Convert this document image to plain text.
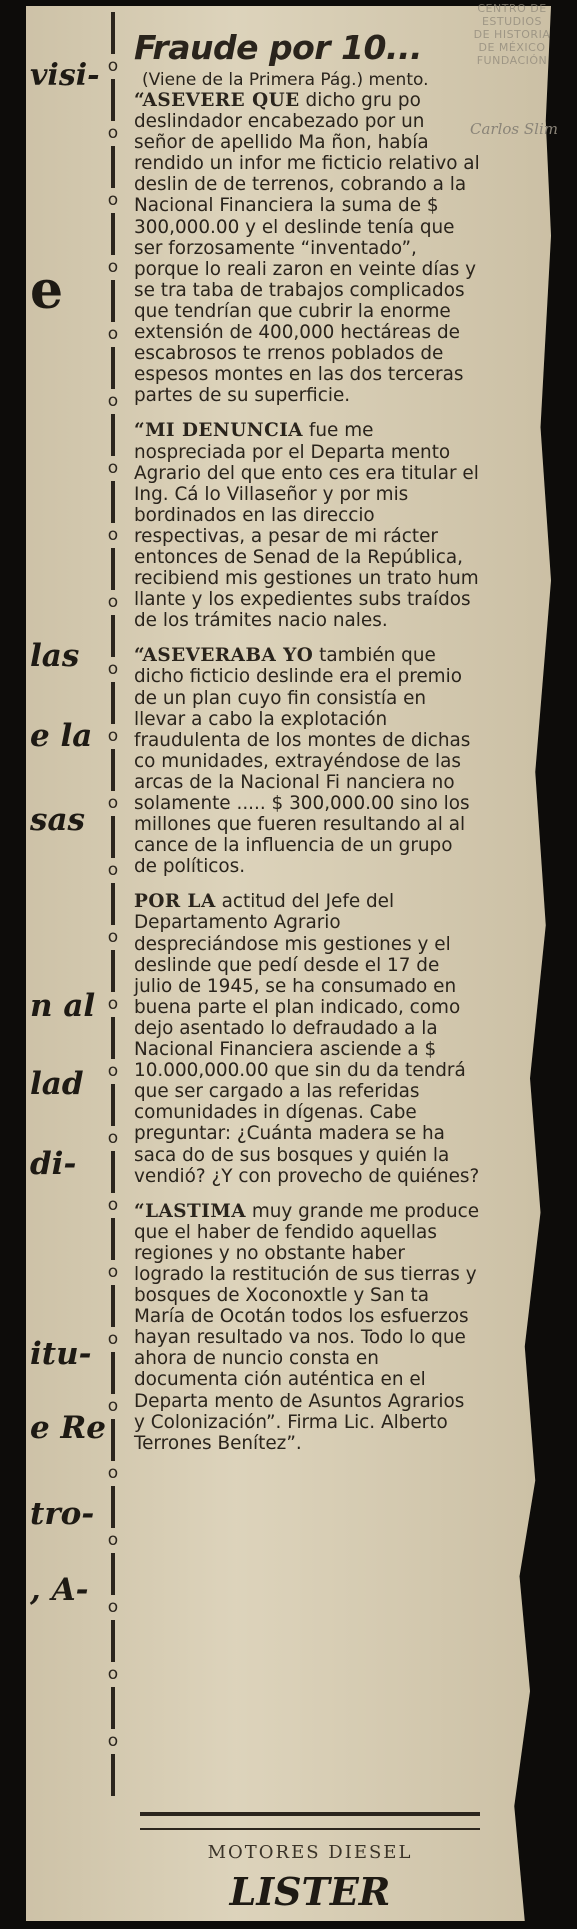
visi-
e
las
e la
sas
n al
lad
di-
itu-
e Re
tro-
, A-
o
o
o
o
o
o
o
o
o
o
o
o
o
o
o
o
o
o
o
o
o
o
o
o
o
o
CENTRO DE
ESTUDIOS
DE HISTORIA
DE MÉXICO
FUNDACIÓN
Carlos Slim
Fraude por 10...
(Viene de la Primera Pág.) mento.

“ASEVERE QUE dicho gru po deslindador encabezado por un señor de apellido Ma ñon, había rendido un infor me ficticio relativo al deslin de de terrenos, cobrando a la Nacional Financiera la suma de $ 300,000.00 y el deslinde tenía que ser forzosamente “inventado”, porque lo reali zaron en veinte días y se tra taba de trabajos complicados que tendrían que cubrir la enorme extensión de 400,000 hectáreas de escabrosos te rrenos poblados de espesos montes en las dos terceras partes de su superficie.

“MI DENUNCIA fue me nospreciada por el Departa mento Agrario del que ento ces era titular el Ing. Cá lo Villaseñor y por mis bordinados en las direccio respectivas, a pesar de mi rácter entonces de Senad de la República, recibiend mis gestiones un trato hum llante y los expedientes subs traídos de los trámites nacio nales.

“ASEVERABA YO también que dicho ficticio deslinde era el premio de un plan cuyo fin consistía en llevar a cabo la explotación fraudulenta de los montes de dichas co munidades, extrayéndose de las arcas de la Nacional Fi nanciera no solamente ..... $ 300,000.00 sino los millones que fueren resultando al al cance de la influencia de un grupo de políticos.

POR LA actitud del Jefe del Departamento Agrario despreciándose mis gestiones y el deslinde que pedí desde el 17 de julio de 1945, se ha consumado en buena parte el plan indicado, como dejo asentado lo defraudado a la Nacional Financiera asciende a $ 10.000,000.00 que sin du da tendrá que ser cargado a las referidas comunidades in dígenas. Cabe preguntar: ¿Cuánta madera se ha saca do de sus bosques y quién la vendió? ¿Y con provecho de quiénes?

“LASTIMA muy grande me produce que el haber de fendido aquellas regiones y no obstante haber logrado la restitución de sus tierras y bosques de Xoconoxtle y San ta María de Ocotán todos los esfuerzos hayan resultado va nos. Todo lo que ahora de nuncio consta en documenta ción auténtica en el Departa mento de Asuntos Agrarios y Colonización”. Firma Lic. Alberto Terrones Benítez”.

MOTORES DIESEL
LISTER
